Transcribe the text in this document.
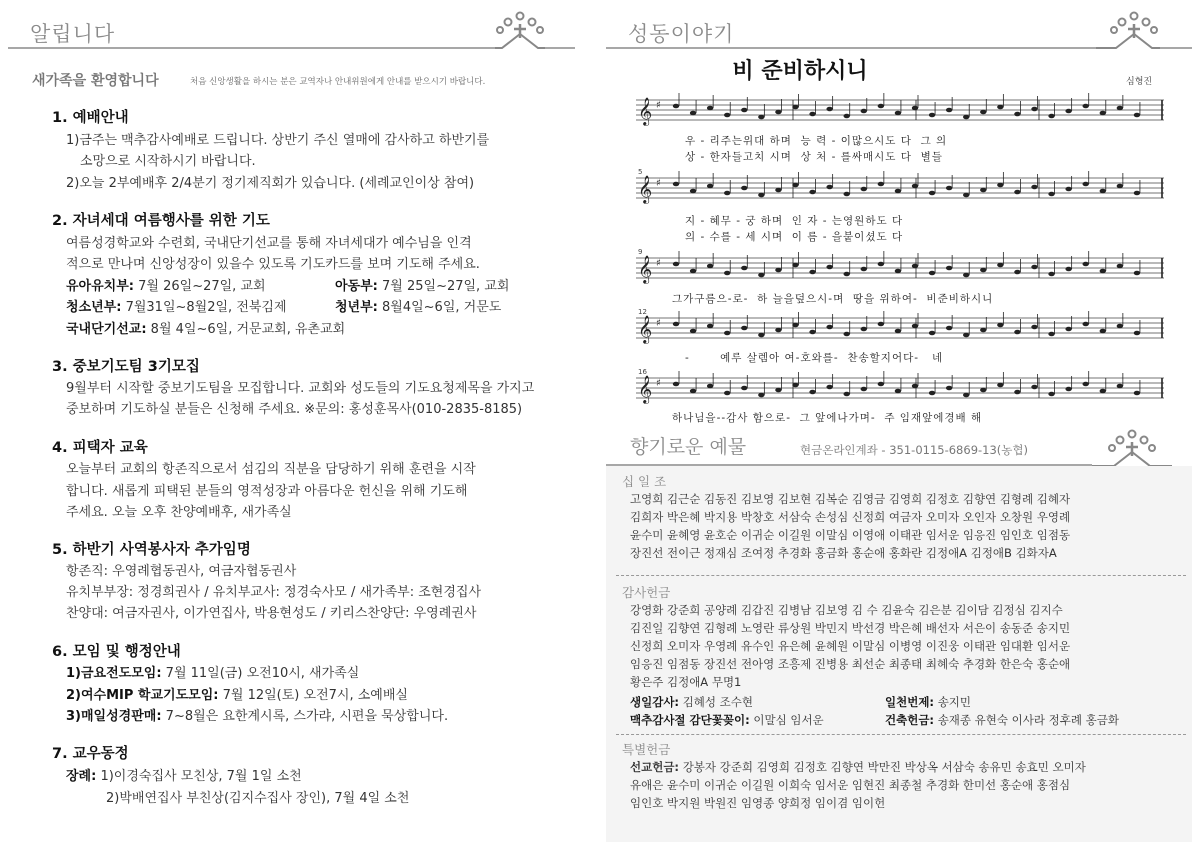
알립니다	성동이야기
새가족을 환영합니다	처음 신앙생활을 하시는 분은 교역자나 안내위원에게 안내를 받으시기 바랍니다.
1. 예배안내
1)금주는 맥추감사예배로 드립니다. 상반기 주신 열매에 감사하고 하반기를
소망으로 시작하시기 바랍니다.
2)오늘 2부예배후 2/4분기 정기제직회가 있습니다. (세례교인이상 참여)
2. 자녀세대 여름행사를 위한 기도
여름성경학교와 수련회, 국내단기선교를 통해 자녀세대가 예수님을 인격
적으로 만나며 신앙성장이 있을수 있도록 기도카드를 보며 기도해 주세요.
유아유치부: 7월 26일~27일, 교회	아동부: 7월 25일~27일, 교회
청소년부: 7월31일~8월2일, 전북김제	청년부: 8월4일~6일, 거문도
국내단기선교: 8월 4일~6일, 거문교회, 유촌교회
3. 중보기도팀 3기모집
9월부터 시작할 중보기도팀을 모집합니다. 교회와 성도들의 기도요청제목을 가지고
중보하며 기도하실 분들은 신청해 주세요. ※문의: 홍성훈목사(010-2835-8185)
4. 피택자 교육
오늘부터 교회의 항존직으로서 섬김의 직분을 담당하기 위해 훈련을 시작
합니다. 새롭게 피택된 분들의 영적성장과 아름다운 헌신을 위해 기도해
주세요. 오늘 오후 찬양예배후, 새가족실
5. 하반기 사역봉사자 추가임명
항존직: 우영례협동권사, 여금자협동권사
유치부부장: 정경희권사 / 유치부교사: 정경숙사모 / 새가족부: 조현경집사
찬양대: 여금자권사, 이가연집사, 박용현성도 / 키리스찬양단: 우영례권사
6. 모임 및 행정안내
1)금요전도모임: 7월 11일(금) 오전10시, 새가족실
2)여수MIP 학교기도모임: 7월 12일(토) 오전7시, 소예배실
3)매일성경판매: 7~8월은 요한계시록, 스가랴, 시편을 묵상합니다.
7. 교우동정
장례: 1)이경숙집사 모친상, 7월 1일 소천
2)박배연집사 부친상(김지수집사 장인), 7월 4일 소천
비 준비하시니	심형진
𝄞 ♯
𝄞 ♯
5
𝄞 ♯
9
𝄞 ♯
12
𝄞 ♯
16
우 - 리주는위대 하며  능 력 - 이많으시도 다  그 의
상 - 한자들고치 시며  상 처 - 를싸매시도 다  별들
지 - 혜무 - 궁 하며  인 자 - 는영원하도 다
의 - 수를 - 세 시며  이 름 - 을붙이셨도 다
그가구름으-로-  하 늘을덮으시-며  땅을 위하여-  비준비하시니
-       예루 살렘아 여-호와를-  찬송할지어다-   네
하나님을--감사 함으로-  그 앞에나가며-  주 임재앞에경배 해
향기로운 예물	현금온라인계좌 - 351-0115-6869-13(농협)
십 일 조
고영희 김근순 김동진 김보영 김보현 김복순 김영금 김영희 김정호 김향연 김형례 김혜자
김희자 박은혜 박지용 박창호 서삼숙 손성심 신정희 여금자 오미자 오인자 오창원 우영례
윤수미 윤혜영 윤호순 이귀순 이길원 이말심 이영애 이태관 임서운 임응진 임인호 임점동
장진선 전이근 정재심 조여정 추경화 홍금화 홍순애 홍화란 김정애A 김정애B 김화자A
감사헌금
강영화 강준희 공양례 김갑진 김병남 김보영 김 수 김윤숙 김은분 김이담 김정심 김지수
김진일 김향연 김형례 노영란 류상원 박민지 박선경 박은혜 배선자 서은이 송동준 송지민
신정희 오미자 우영례 유수인 유은혜 윤혜원 이말심 이병영 이진웅 이태관 임대환 임서운
임응진 임점동 장진선 전아영 조흥제 진병용 최선순 최종태 최혜숙 추경화 한은숙 홍순애
황은주 김정애A 무명1
생일감사: 김혜성 조수현	일천번제: 송지민
맥추감사절 감단꽃꽂이: 이말심 임서운	건축헌금: 송재종 유현숙 이사라 정후례 홍금화
특별헌금
선교헌금: 강봉자 강준희 김영희 김정호 김향연 박만진 박상옥 서삼숙 송유민 송효민 오미자
유애은 윤수미 이귀순 이길원 이희숙 임서운 임현진 최종철 추경화 한미선 홍순애 홍점심
임인호 박지원 박원진 임영종 양희정 임이겸 임이헌
